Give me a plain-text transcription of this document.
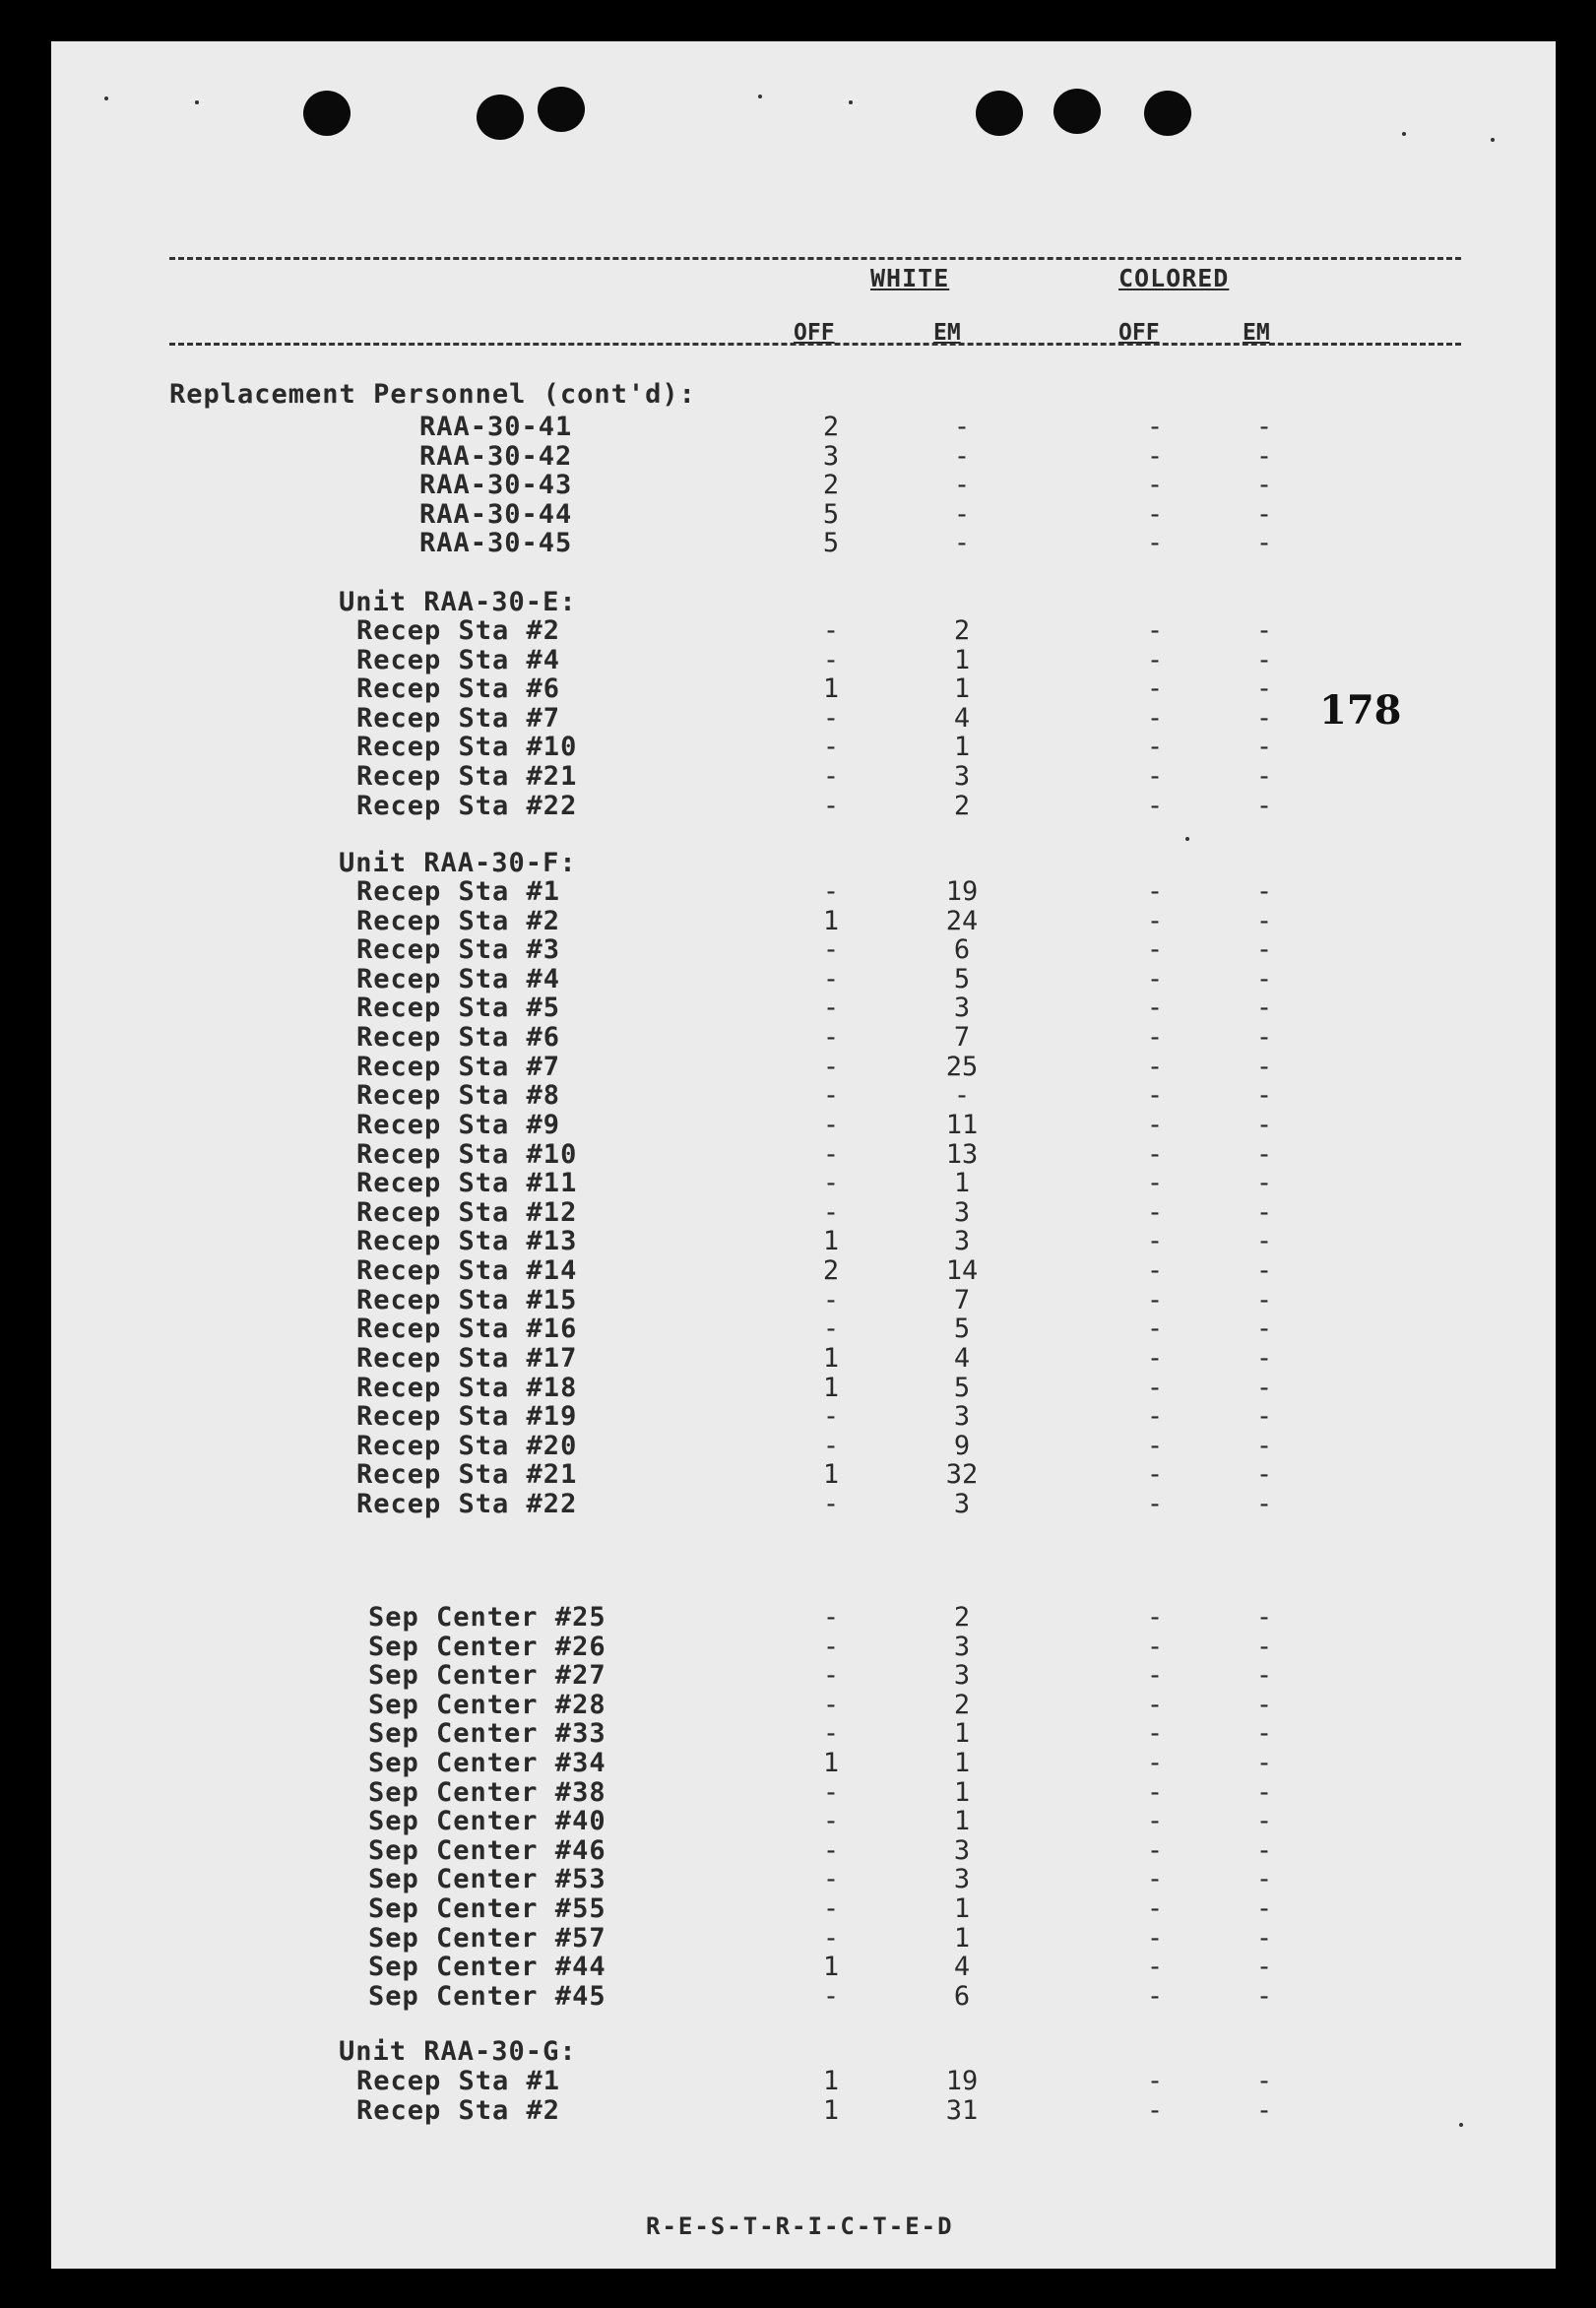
WHITE	COLORED
OFF	EM	OFF	EM
Replacement Personnel (cont'd):
178
RAA-30-41	2	-	-	-
RAA-30-42	3	-	-	-
RAA-30-43	2	-	-	-
RAA-30-44	5	-	-	-
RAA-30-45	5	-	-	-
Unit RAA-30-E:
Recep Sta #2	-	2	-	-
Recep Sta #4	-	1	-	-
Recep Sta #6	1	1	-	-
Recep Sta #7	-	4	-	-
Recep Sta #10	-	1	-	-
Recep Sta #21	-	3	-	-
Recep Sta #22	-	2	-	-
Unit RAA-30-F:
Recep Sta #1	-	19	-	-
Recep Sta #2	1	24	-	-
Recep Sta #3	-	6	-	-
Recep Sta #4	-	5	-	-
Recep Sta #5	-	3	-	-
Recep Sta #6	-	7	-	-
Recep Sta #7	-	25	-	-
Recep Sta #8	-	-	-	-
Recep Sta #9	-	11	-	-
Recep Sta #10	-	13	-	-
Recep Sta #11	-	1	-	-
Recep Sta #12	-	3	-	-
Recep Sta #13	1	3	-	-
Recep Sta #14	2	14	-	-
Recep Sta #15	-	7	-	-
Recep Sta #16	-	5	-	-
Recep Sta #17	1	4	-	-
Recep Sta #18	1	5	-	-
Recep Sta #19	-	3	-	-
Recep Sta #20	-	9	-	-
Recep Sta #21	1	32	-	-
Recep Sta #22	-	3	-	-
Sep Center #25	-	2	-	-
Sep Center #26	-	3	-	-
Sep Center #27	-	3	-	-
Sep Center #28	-	2	-	-
Sep Center #33	-	1	-	-
Sep Center #34	1	1	-	-
Sep Center #38	-	1	-	-
Sep Center #40	-	1	-	-
Sep Center #46	-	3	-	-
Sep Center #53	-	3	-	-
Sep Center #55	-	1	-	-
Sep Center #57	-	1	-	-
Sep Center #44	1	4	-	-
Sep Center #45	-	6	-	-
Unit RAA-30-G:
Recep Sta #1	1	19	-	-
Recep Sta #2	1	31	-	-
R-E-S-T-R-I-C-T-E-D
